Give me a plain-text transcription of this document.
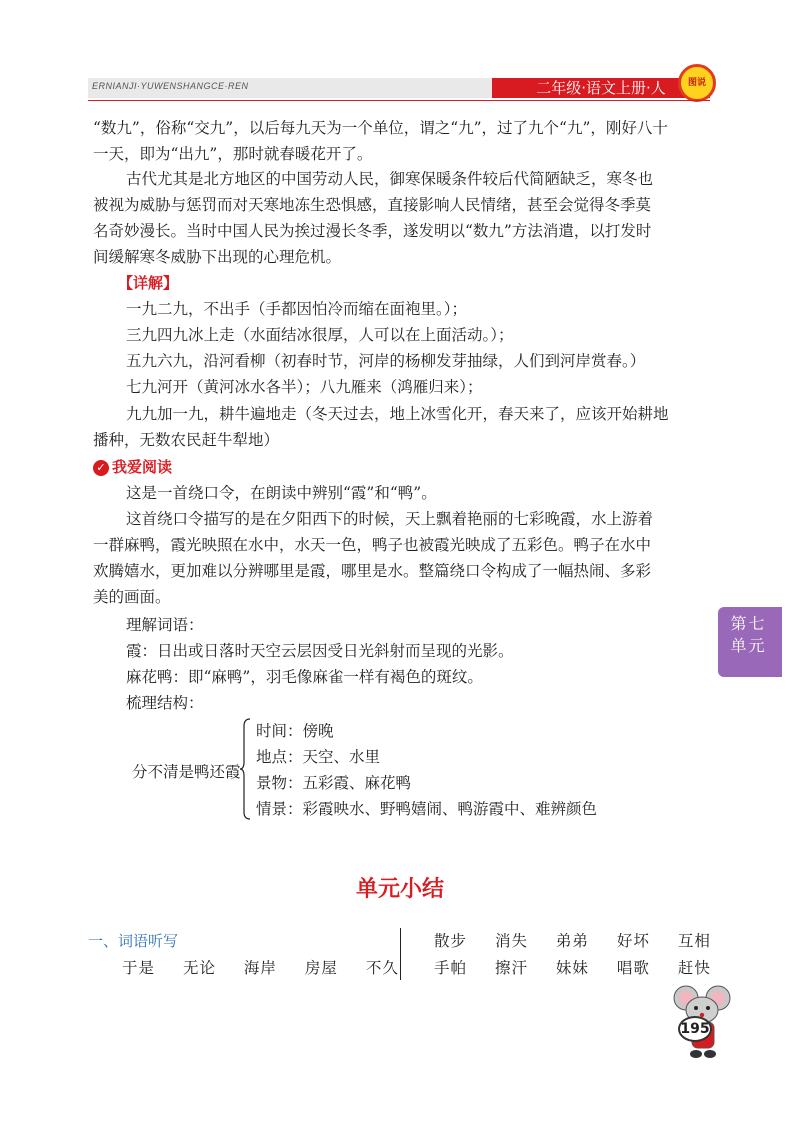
ERNIANJI·YUWENSHANGCE·REN	二年级·语文上册·人	图说
“数九”，俗称“交九”，以后每九天为一个单位，谓之“九”，过了九个“九”，刚好八十
一天，即为“出九”，那时就春暖花开了。
古代尤其是北方地区的中国劳动人民，御寒保暖条件较后代简陋缺乏，寒冬也
被视为威胁与惩罚而对天寒地冻生恐惧感，直接影响人民情绪，甚至会觉得冬季莫
名奇妙漫长。当时中国人民为挨过漫长冬季，遂发明以“数九”方法消遣，以打发时
间缓解寒冬威胁下出现的心理危机。
【详解】
一九二九，不出手（手都因怕冷而缩在面袍里。）；
三九四九冰上走（水面结冰很厚，人可以在上面活动。）；
五九六九，沿河看柳（初春时节，河岸的杨柳发芽抽绿，人们到河岸赏春。）
七九河开（黄河冰水各半）；八九雁来（鸿雁归来）；
九九加一九，耕牛遍地走（冬天过去，地上冰雪化开，春天来了，应该开始耕地
播种，无数农民赶牛犁地）
✓ 我爱阅读
这是一首绕口令，在朗读中辨别“霞”和“鸭”。
这首绕口令描写的是在夕阳西下的时候，天上飘着艳丽的七彩晚霞，水上游着
一群麻鸭，霞光映照在水中，水天一色，鸭子也被霞光映成了五彩色。鸭子在水中
欢腾嬉水，更加难以分辨哪里是霞，哪里是水。整篇绕口令构成了一幅热闹、多彩
美的画面。
理解词语：
霞：日出或日落时天空云层因受日光斜射而呈现的光影。
麻花鸭：即“麻鸭”，羽毛像麻雀一样有褐色的斑纹。
梳理结构：
分不清是鸭还霞
时间：傍晚
地点：天空、水里
景物：五彩霞、麻花鸭
情景：彩霞映水、野鸭嬉闹、鸭游霞中、难辨颜色
第 七
单 元
单元小结
一、词语听写
于是 无论 海岸 房屋 不久
散步 消失 弟弟 好坏 互相
手帕 擦汗 妹妹 唱歌 赶快
195
